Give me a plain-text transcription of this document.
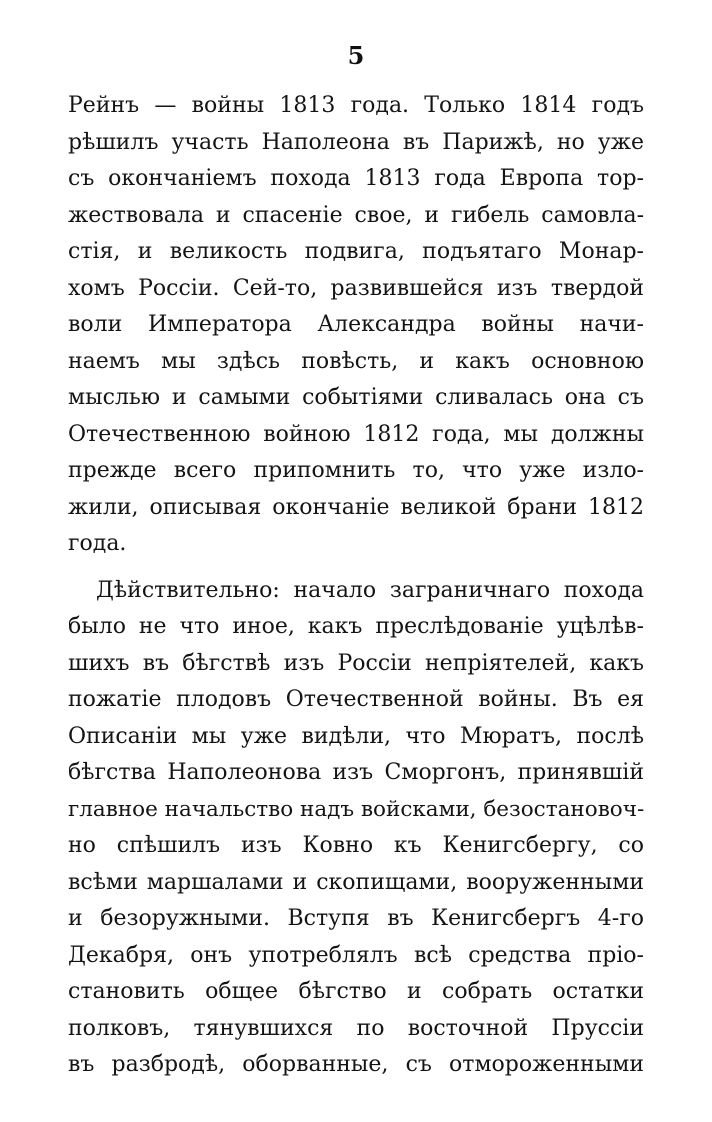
5
Рейнъ — войны 1813 года. Только 1814 годъ
рѣшилъ участь Наполеона въ Парижѣ, но уже
съ окончанiемъ похода 1813 года Европа тор-
жествовала и спасенiе свое, и гибель самовла-
стiя, и великость подвига, подъятаго Монар-
хомъ Россiи. Сей-то, развившейся изъ твердой
воли Императора Александра войны начи-
наемъ мы здѣсь повѣсть, и какъ основною
мыслью и самыми событiями сливалась она съ
Отечественною войною 1812 года, мы должны
прежде всего припомнить то, что уже изло-
жили, описывая окончанiе великой брани 1812
года.
Дѣйствительно: начало заграничнаго похода
было не что иное, какъ преслѣдованiе уцѣлѣв-
шихъ въ бѣгствѣ изъ Россiи непрiятелей, какъ
пожатiе плодовъ Отечественной войны. Въ ея
Описанiи мы уже видѣли, что Мюратъ, послѣ
бѣгства Наполеонова изъ Сморгонъ, принявшiй
главное начальство надъ войсками, безостановоч-
но спѣшилъ изъ Ковно къ Кенигсбергу, со
всѣми маршалами и скопищами, вооруженными
и безоружными. Вступя въ Кенигсбергъ 4-го
Декабря, онъ употреблялъ всѣ средства прiо-
становить общее бѣгство и собрать остатки
полковъ, тянувшихся по восточной Пруссiи
въ разбродѣ, оборванные, съ отмороженными
